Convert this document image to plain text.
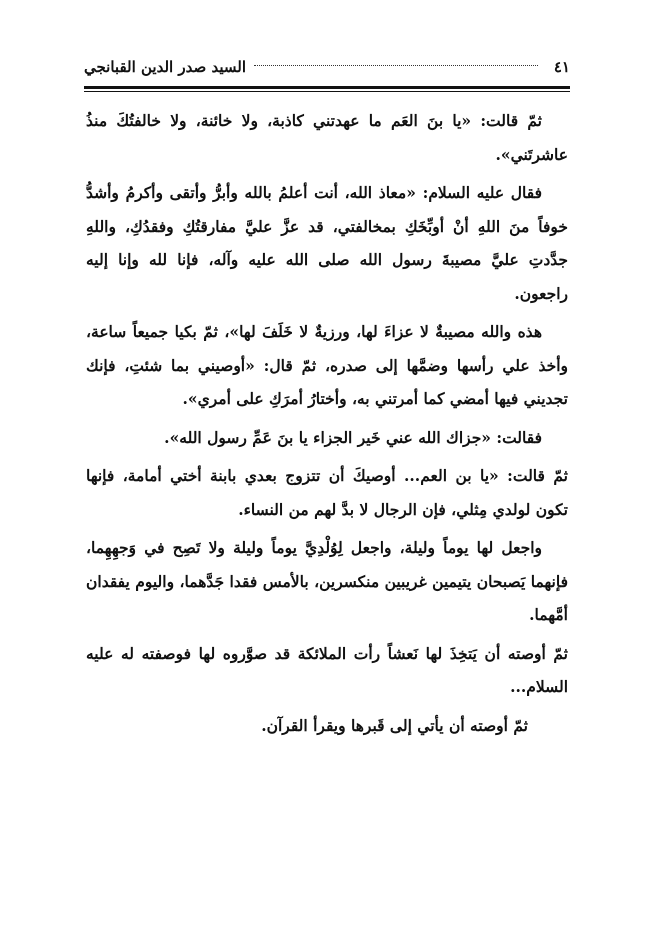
٤١
السيد صدر الدين القبانجي

ثمّ قالت: «يا بنَ العَم ما عهدتني كاذبة، ولا خائنة، ولا خالفتُكَ منذُ عاشرتَني».

فقال عليه السلام: «معاذ الله، أنت أعلمُ بالله وأبرُّ وأتقى وأكرمُ وأشدُّ خوفاً منَ اللهِ أنْ أوبِّخَكِ بمخالفتي، قد عزَّ عليَّ مفارقتُكِ وفقدُكِ، واللهِ جدَّدتِ عليَّ مصيبةَ رسول الله صلى الله عليه وآله، فإنا لله وإنا إليه راجعون.

هذه والله مصيبةٌ لا عزاءَ لها، ورزيةٌ لا خَلَفَ لها»، ثمّ بكيا جميعاً ساعة، وأخذ علي رأسها وضمَّها إلى صدره، ثمّ قال: «أوصيني بما شئتِ، فإنك تجديني فيها أمضي كما أمرتني به، وأختارُ أمرَكِ على أمري».

فقالت: «جزاك الله عني خَير الجزاء يا بنَ عَمِّ رسول الله».

ثمّ قالت: «يا بن العم... أوصيكَ أن تتزوج بعدي بابنة أختي أمامة، فإنها تكون لولدي مِثلي، فإن الرجال لا بدَّ لهم من النساء.

واجعل لها يوماً وليلة، واجعل لِوُلْدِيَّ يوماً وليلة ولا تَصِح في وَجهِهِما، فإنهما يَصبحان يتيمين غريبين منكسرين، بالأمس فقدا جَدَّهما، واليوم يفقدان أمَّهما.

ثمّ أوصته أن يَتخِذَ لها نَعشاً رأت الملائكة قد صوَّروه لها فوصفته له عليه السلام...

ثمّ أوصته أن يأتي إلى قَبرها ويقرأ القرآن.
